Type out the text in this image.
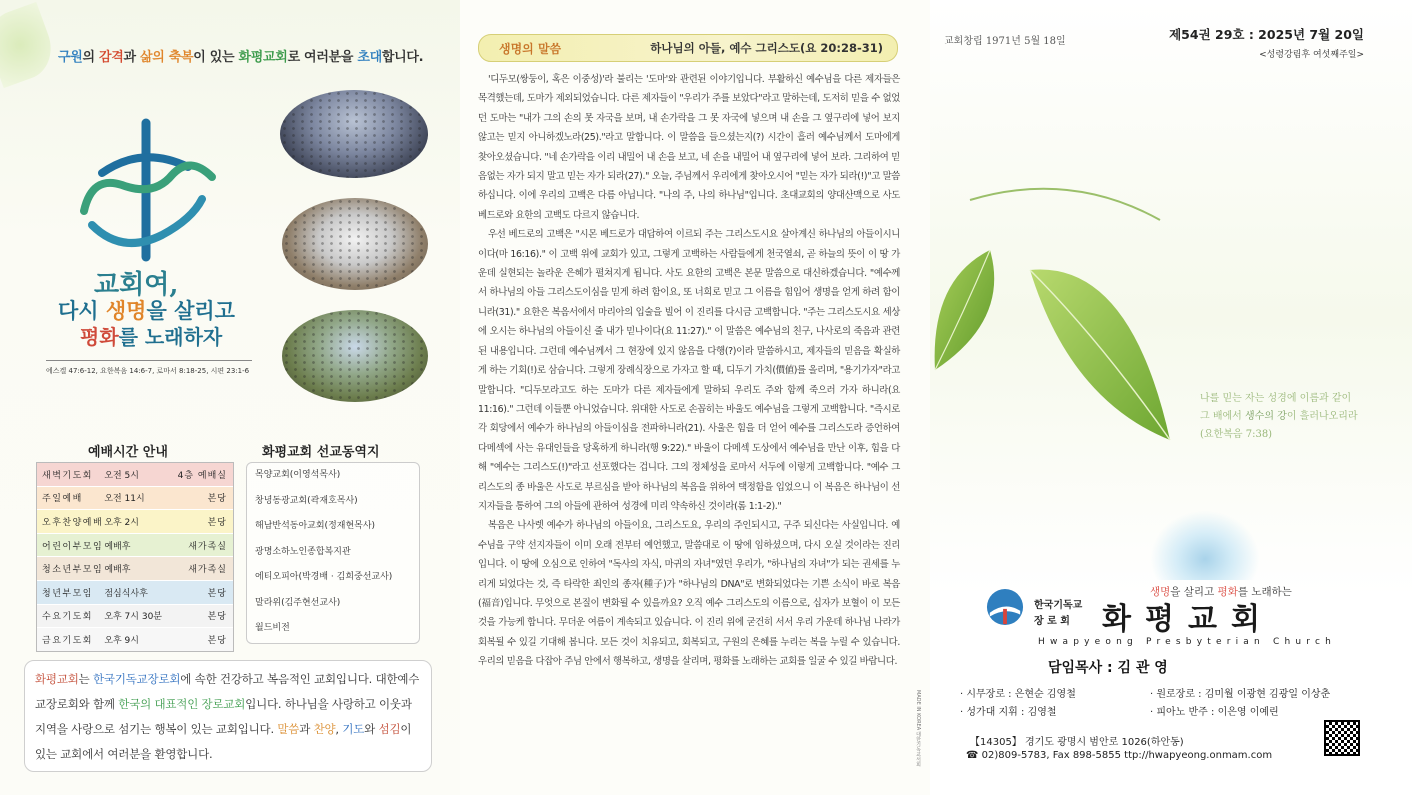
구원의 감격과 삶의 축복이 있는 화평교회로 여러분을 초대합니다.
교회여,
다시 생명을 살리고
평화를 노래하자
에스겔 47:6-12, 요한복음 14:6-7, 로마서 8:18-25, 시편 23:1-6
예배시간 안내
새벽기도회	오전 5시	4층 예배실
주일예배	오전 11시	본당
오후찬양예배 오후 2시	본당
어린이부모임 예배후	새가족실
청소년부모임 예배후	새가족실
청년부모임	점심식사후	본당
수요기도회	오후 7시 30분	본당
금요기도회	오후 9시	본당
화평교회 선교동역지
목양교회(이영석목사)
창녕동광교회(곽재호목사)
해남반석동아교회(정재현목사)
광명소하노인종합복지관
에티오피아(박경배 · 김희중선교사)
말라위(김주현선교사)
월드비전
화평교회는 한국기독교장로회에 속한 건강하고 복음적인 교회입니다. 대한예수교장로회와 함께 한국의 대표적인 장로교회입니다. 하나님을 사랑하고 이웃과 지역을 사랑으로 섬기는 행복이 있는 교회입니다. 말씀과 찬양, 기도와 섬김이 있는 교회에서 여러분을 환영합니다.
생명의 말씀	하나님의 아들, 예수 그리스도(요 20:28-31)

'디두모(쌍둥이, 혹은 이중성)'라 불리는 '도마'와 관련된 이야기입니다. 부활하신 예수님을 다른 제자들은 목격했는데, 도마가 제외되었습니다. 다른 제자들이 "우리가 주를 보았다"라고 말하는데, 도저히 믿을 수 없었던 도마는 "내가 그의 손의 못 자국을 보며, 내 손가락을 그 못 자국에 넣으며 내 손을 그 옆구리에 넣어 보지 않고는 믿지 아니하겠노라(25)."라고 말합니다. 이 말씀을 들으셨는지(?) 시간이 흘러 예수님께서 도마에게 찾아오셨습니다. "네 손가락을 이리 내밀어 내 손을 보고, 네 손을 내밀어 내 옆구리에 넣어 보라. 그리하여 믿음없는 자가 되지 말고 믿는 자가 되라(27)." 오늘, 주님께서 우리에게 찾아오시어 "믿는 자가 되라(!)"고 말씀하십니다. 이에 우리의 고백은 다름 아닙니다. "나의 주, 나의 하나님"입니다. 초대교회의 양대산맥으로 사도 베드로와 요한의 고백도 다르지 않습니다.

우선 베드로의 고백은 "시몬 베드로가 대답하여 이르되 주는 그리스도시요 살아계신 하나님의 아들이시니이다(마 16:16)." 이 고백 위에 교회가 있고, 그렇게 고백하는 사람들에게 천국열쇠, 곧 하늘의 뜻이 이 땅 가운데 실현되는 놀라운 은혜가 펼쳐지게 됩니다. 사도 요한의 고백은 본문 말씀으로 대신하겠습니다. "예수께서 하나님의 아들 그리스도이심을 믿게 하려 함이요, 또 너희로 믿고 그 이름을 힘입어 생명을 얻게 하려 함이니라(31)." 요한은 복음서에서 마리아의 입술을 빌어 이 진리를 다시금 고백합니다. "주는 그리스도시요 세상에 오시는 하나님의 아들이신 줄 내가 믿나이다(요 11:27)." 이 말씀은 예수님의 친구, 나사로의 죽음과 관련된 내용입니다. 그런데 예수님께서 그 현장에 있지 않음을 다행(?)이라 말씀하시고, 제자들의 믿음을 확실하게 하는 기회(!)로 삼습니다. 그렇게 장례식장으로 가자고 할 때, 디두기 가치(價値)를 올리며, "용기가자"라고 말합니다. "디두모라고도 하는 도마가 다른 제자들에게 말하되 우리도 주와 함께 죽으러 가자 하니라(요 11:16)." 그런데 이들뿐 아니었습니다. 위대한 사도로 손꼽히는 바울도 예수님을 그렇게 고백합니다. "즉시로 각 회당에서 예수가 하나님의 아들이심을 전파하니라(21). 사울은 힘을 더 얻어 예수를 그리스도라 증언하여 다메섹에 사는 유대인들을 당혹하게 하니라(행 9:22)." 바울이 다메섹 도상에서 예수님을 만난 이후, 힘을 다해 "예수는 그리스도(!)"라고 선포했다는 겁니다. 그의 정체성을 로마서 서두에 이렇게 고백합니다. "예수 그리스도의 종 바울은 사도로 부르심을 받아 하나님의 복음을 위하여 택정함을 입었으니 이 복음은 하나님이 선지자들을 통하여 그의 아들에 관하여 성경에 미리 약속하신 것이라(롬 1:1-2)."

복음은 나사렛 예수가 하나님의 아들이요, 그리스도요, 우리의 주인되시고, 구주 되신다는 사실입니다. 예수님을 구약 선지자들이 이미 오래 전부터 예언했고, 말씀대로 이 땅에 임하셨으며, 다시 오실 것이라는 진리입니다. 이 땅에 오심으로 인하여 "독사의 자식, 마귀의 자녀"였던 우리가, "하나님의 자녀"가 되는 권세를 누리게 되었다는 것, 즉 타락한 죄인의 종자(種子)가 "하나님의 DNA"로 변화되었다는 기쁜 소식이 바로 복음(福音)입니다. 무엇으로 본질이 변화될 수 있을까요? 오직 예수 그리스도의 이름으로, 십자가 보혈이 이 모든 것을 가능케 합니다. 무더운 여름이 계속되고 있습니다. 이 진리 위에 굳건히 서서 우리 가운데 하나님 나라가 회복될 수 있길 기대해 봅니다. 모든 것이 치유되고, 회복되고, 구원의 은혜를 누리는 복을 누릴 수 있습니다. 우리의 믿음을 다잡아 주님 안에서 행복하고, 생명을 살리며, 평화를 노래하는 교회를 일굴 수 있길 바랍니다.

MADE IN KOREA 대한기독교서회
교회창립 1971년 5월 18일	제54권 29호 : 2025년 7월 20일
<성령강림후 여섯째주일>
나를 믿는 자는 성경에 이름과 같이
그 배에서 생수의 강이 흘러나오리라
(요한복음 7:38)
생명을 살리고 평화를 노래하는
한국기독교
장 로 회	화평교회
Hwapyeong Presbyterian Church
담임목사 : 김 관 영
· 시무장로 : 은현순 김영철	· 원로장로 : 김미월 이광현 김광일 이상춘
· 성가대 지휘 : 김영철	· 피아노 반주 : 이은영 이예린
【14305】 경기도 광명시 범안로 1026(하안동)
☎ 02)809-5783, Fax 898-5855 ttp://hwapyeong.onmam.com
